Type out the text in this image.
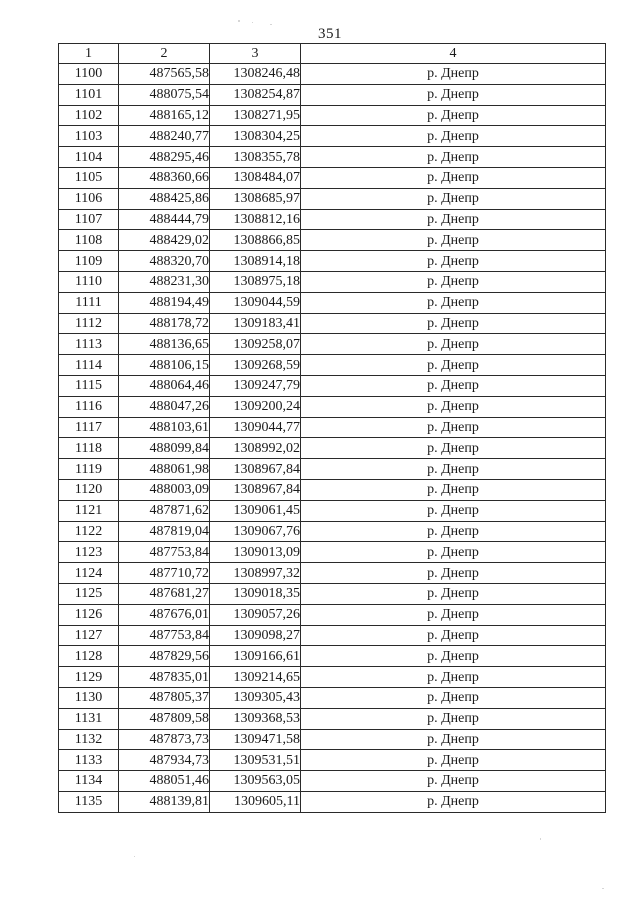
351
1	2	3	4
1100	487565,58	1308246,48	р. Днепр
1101	488075,54	1308254,87	р. Днепр
1102	488165,12	1308271,95	р. Днепр
1103	488240,77	1308304,25	р. Днепр
1104	488295,46	1308355,78	р. Днепр
1105	488360,66	1308484,07	р. Днепр
1106	488425,86	1308685,97	р. Днепр
1107	488444,79	1308812,16	р. Днепр
1108	488429,02	1308866,85	р. Днепр
1109	488320,70	1308914,18	р. Днепр
1110	488231,30	1308975,18	р. Днепр
1111	488194,49	1309044,59	р. Днепр
1112	488178,72	1309183,41	р. Днепр
1113	488136,65	1309258,07	р. Днепр
1114	488106,15	1309268,59	р. Днепр
1115	488064,46	1309247,79	р. Днепр
1116	488047,26	1309200,24	р. Днепр
1117	488103,61	1309044,77	р. Днепр
1118	488099,84	1308992,02	р. Днепр
1119	488061,98	1308967,84	р. Днепр
1120	488003,09	1308967,84	р. Днепр
1121	487871,62	1309061,45	р. Днепр
1122	487819,04	1309067,76	р. Днепр
1123	487753,84	1309013,09	р. Днепр
1124	487710,72	1308997,32	р. Днепр
1125	487681,27	1309018,35	р. Днепр
1126	487676,01	1309057,26	р. Днепр
1127	487753,84	1309098,27	р. Днепр
1128	487829,56	1309166,61	р. Днепр
1129	487835,01	1309214,65	р. Днепр
1130	487805,37	1309305,43	р. Днепр
1131	487809,58	1309368,53	р. Днепр
1132	487873,73	1309471,58	р. Днепр
1133	487934,73	1309531,51	р. Днепр
1134	488051,46	1309563,05	р. Днепр
1135	488139,81	1309605,11	р. Днепр
